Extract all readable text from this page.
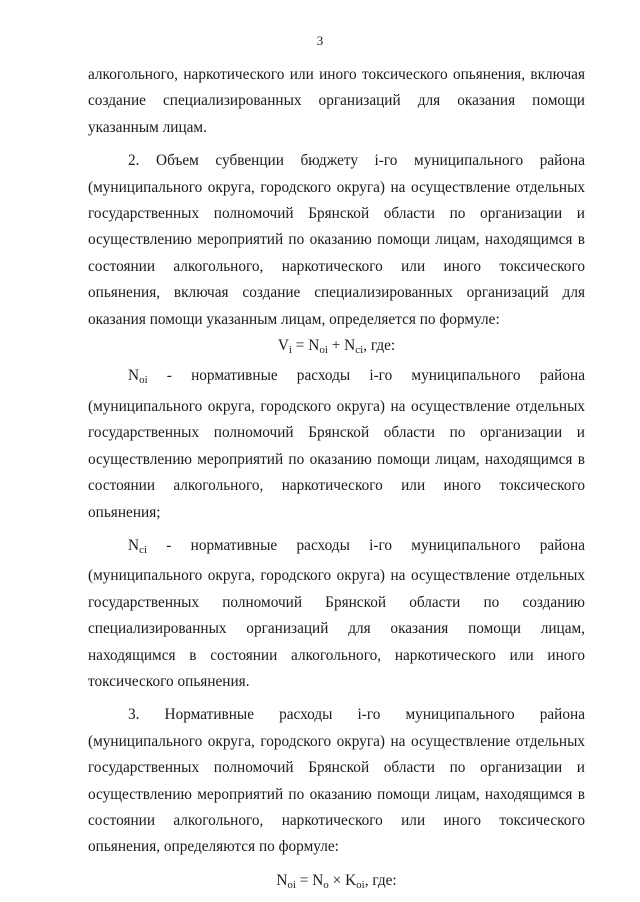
3

алкогольного, наркотического или иного токсического опьянения, включая создание специализированных организаций для оказания помощи указанным лицам.

2. Объем субвенции бюджету i-го муниципального района (муниципального округа, городского округа) на осуществление отдельных государственных полномочий Брянской области по организации и осуществлению мероприятий по оказанию помощи лицам, находящимся в состоянии алкогольного, наркотического или иного токсического опьянения, включая создание специализированных организаций для оказания помощи указанным лицам, определяется по формуле:

$V_i = N_{oi} + N_{ci}$, где:

$N_{oi}$ - нормативные расходы i-го муниципального района (муниципального округа, городского округа) на осуществление отдельных государственных полномочий Брянской области по организации и осуществлению мероприятий по оказанию помощи лицам, находящимся в состоянии алкогольного, наркотического или иного токсического опьянения;

$N_{ci}$ - нормативные расходы i-го муниципального района (муниципального округа, городского округа) на осуществление отдельных государственных полномочий Брянской области по созданию специализированных организаций для оказания помощи лицам, находящимся в состоянии алкогольного, наркотического или иного токсического опьянения.

3. Нормативные расходы i-го муниципального района (муниципального округа, городского округа) на осуществление отдельных государственных полномочий Брянской области по организации и осуществлению мероприятий по оказанию помощи лицам, находящимся в состоянии алкогольного, наркотического или иного токсического опьянения, определяются по формуле:

$N_{oi} = N_o \times K_{oi}$, где:
